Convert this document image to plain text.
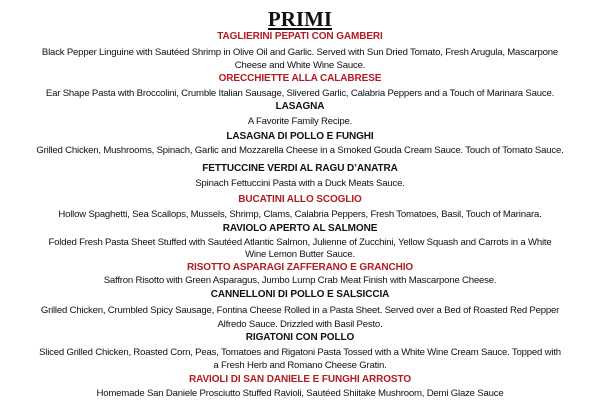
PRIMI
TAGLIERINI PEPATI CON GAMBERI
Black Pepper Linguine with Sautéed Shrimp in Olive Oil and Garlic. Served with Sun Dried Tomato, Fresh Arugula, Mascarpone
Cheese and White Wine Sauce.
ORECCHIETTE ALLA CALABRESE
Ear Shape Pasta with Broccolini, Crumble Italian Sausage, Slivered Garlic, Calabria Peppers and a Touch of Marinara Sauce.
LASAGNA
A Favorite Family Recipe.
LASAGNA DI POLLO E FUNGHI
Grilled Chicken, Mushrooms, Spinach, Garlic and Mozzarella Cheese in a Smoked Gouda Cream Sauce. Touch of Tomato Sauce.
FETTUCCINE VERDI AL RAGU D’ANATRA
Spinach Fettuccini Pasta with a Duck Meats Sauce.
BUCATINI ALLO SCOGLIO
Hollow Spaghetti, Sea Scallops, Mussels, Shrimp, Clams, Calabria Peppers, Fresh Tomatoes, Basil, Touch of Marinara.
RAVIOLO APERTO AL SALMONE
Folded Fresh Pasta Sheet Stuffed with Sautéed Atlantic Salmon, Julienne of Zucchini, Yellow Squash and Carrots in a White
Wine Lemon Butter Sauce.
RISOTTO ASPARAGI ZAFFERANO E GRANCHIO
Saffron Risotto with Green Asparagus, Jumbo Lump Crab Meat Finish with Mascarpone Cheese.
CANNELLONI DI POLLO E SALSICCIA
Grilled Chicken, Crumbled Spicy Sausage, Fontina Cheese Rolled in a Pasta Sheet. Served over a Bed of Roasted Red Pepper
Alfredo Sauce. Drizzled with Basil Pesto.
RIGATONI CON POLLO
Sliced Grilled Chicken, Roasted Corn, Peas, Tomatoes and Rigatoni Pasta Tossed with a White Wine Cream Sauce. Topped with
a Fresh Herb and Romano Cheese Gratin.
RAVIOLI DI SAN DANIELE E FUNGHI ARROSTO
Homemade San Daniele Prosciutto Stuffed Ravioli, Sautéed Shiitake Mushroom, Demi Glaze Sauce
